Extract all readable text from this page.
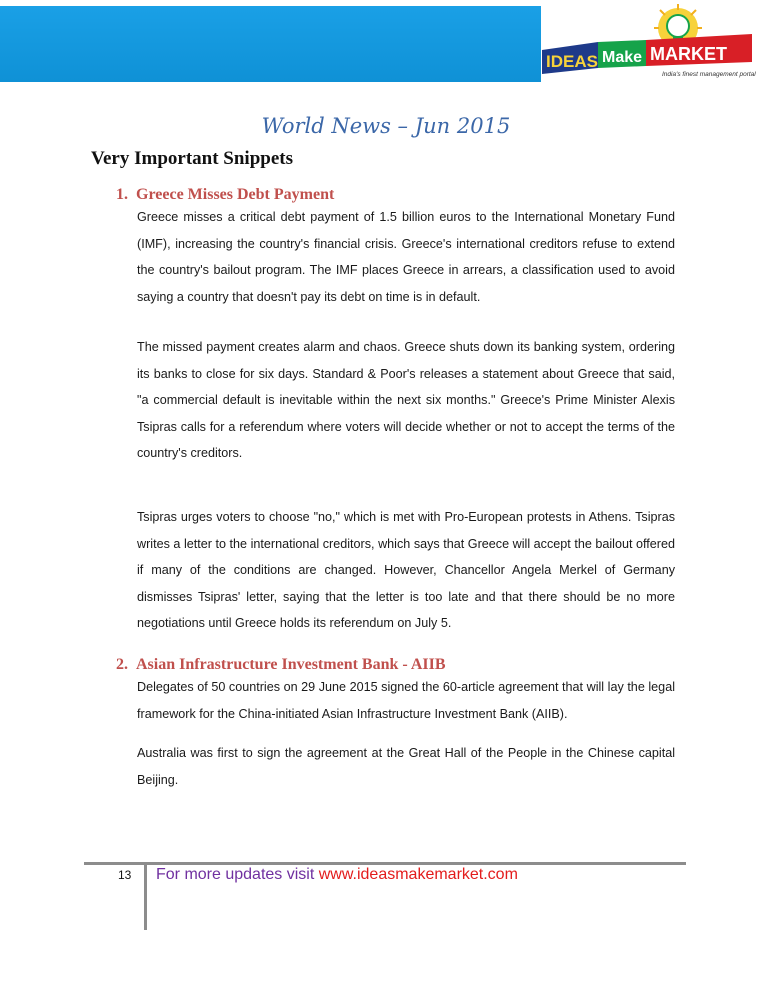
IDEAS Make MARKET
India's finest management portal
World News – Jun 2015
Very Important Snippets
1. Greece Misses Debt Payment
Greece misses a critical debt payment of 1.5 billion euros to the International Monetary Fund (IMF), increasing the country's financial crisis. Greece's international creditors refuse to extend the country's bailout program. The IMF places Greece in arrears, a classification used to avoid saying a country that doesn't pay its debt on time is in default.
The missed payment creates alarm and chaos. Greece shuts down its banking system, ordering its banks to close for six days. Standard & Poor's releases a statement about Greece that said, "a commercial default is inevitable within the next six months." Greece's Prime Minister Alexis Tsipras calls for a referendum where voters will decide whether or not to accept the terms of the country's creditors.
Tsipras urges voters to choose "no," which is met with Pro-European protests in Athens. Tsipras writes a letter to the international creditors, which says that Greece will accept the bailout offered if many of the conditions are changed. However, Chancellor Angela Merkel of Germany dismisses Tsipras' letter, saying that the letter is too late and that there should be no more negotiations until Greece holds its referendum on July 5.
2. Asian Infrastructure Investment Bank - AIIB
Delegates of 50 countries on 29 June 2015 signed the 60-article agreement that will lay the legal framework for the China-initiated Asian Infrastructure Investment Bank (AIIB).
Australia was first to sign the agreement at the Great Hall of the People in the Chinese capital Beijing.
13 For more updates visit www.ideasmakemarket.com
